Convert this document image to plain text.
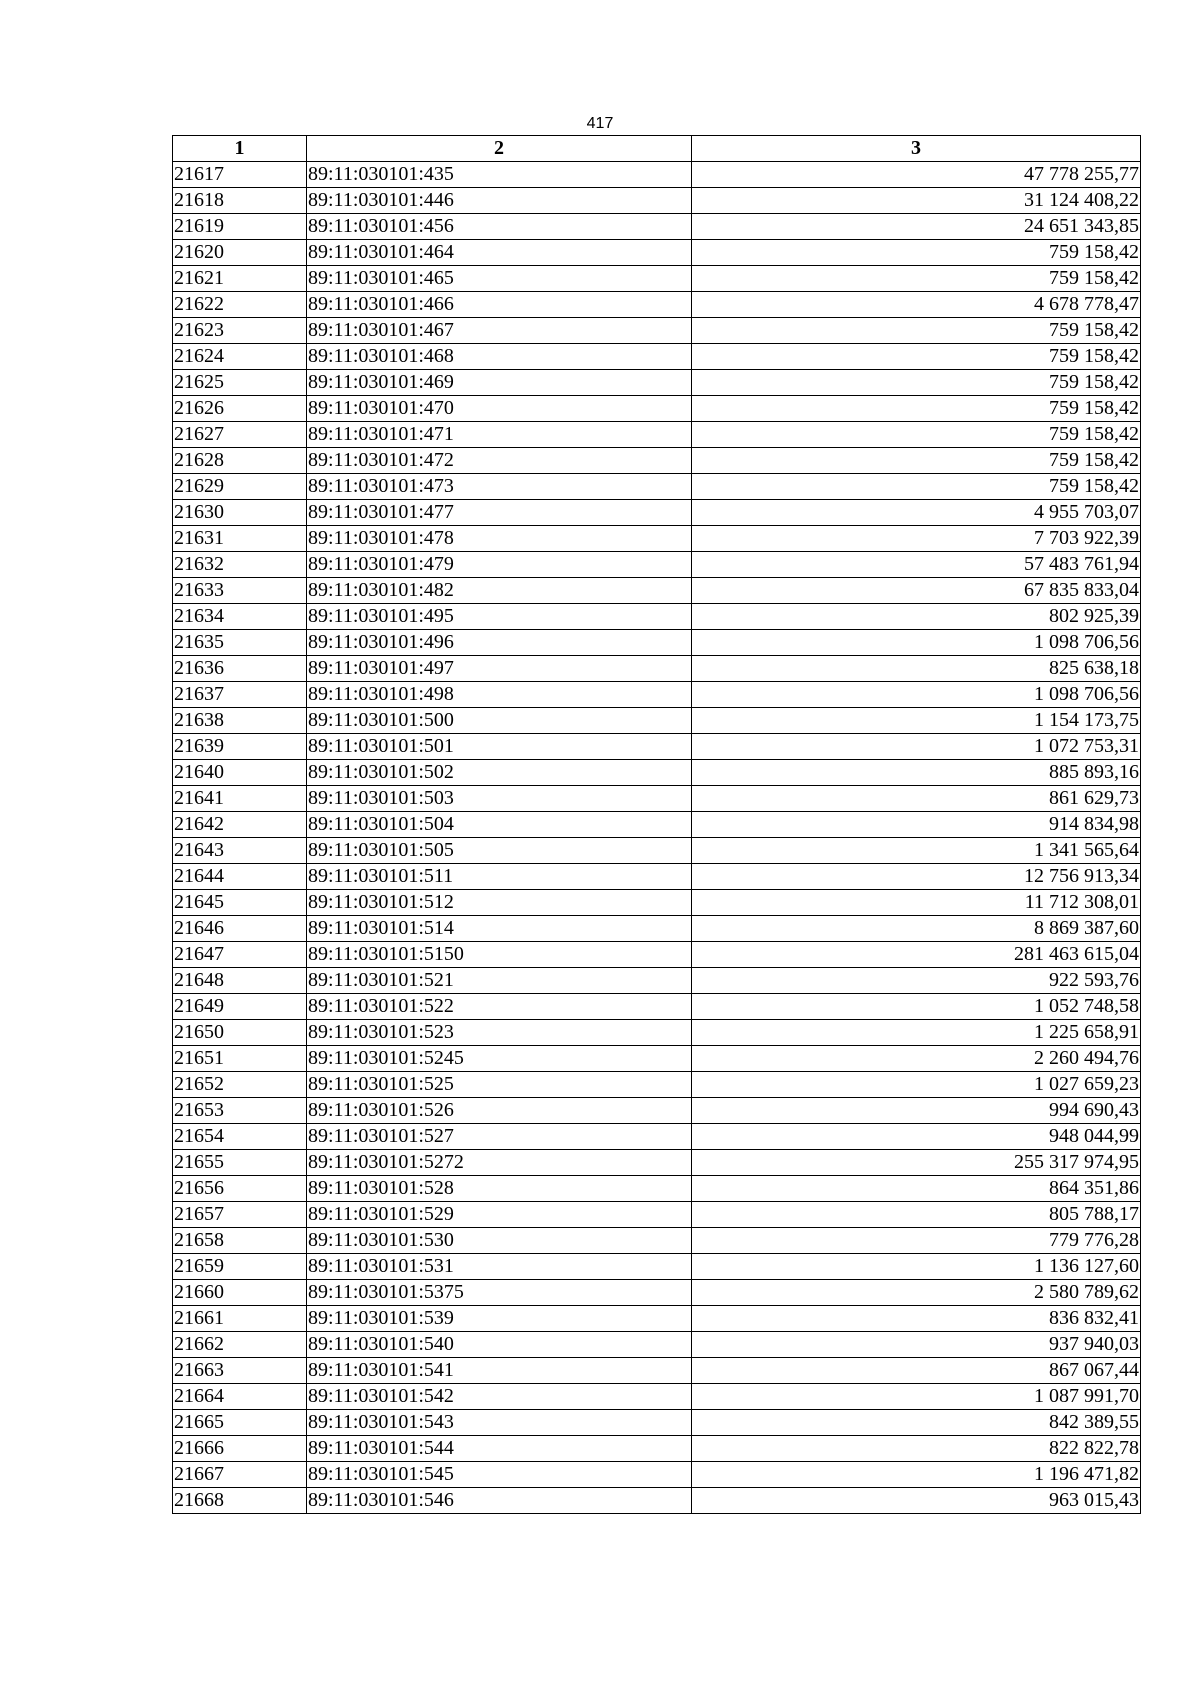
417
1	2	3
21617	89:11:030101:435	47 778 255,77
21618	89:11:030101:446	31 124 408,22
21619	89:11:030101:456	24 651 343,85
21620	89:11:030101:464	759 158,42
21621	89:11:030101:465	759 158,42
21622	89:11:030101:466	4 678 778,47
21623	89:11:030101:467	759 158,42
21624	89:11:030101:468	759 158,42
21625	89:11:030101:469	759 158,42
21626	89:11:030101:470	759 158,42
21627	89:11:030101:471	759 158,42
21628	89:11:030101:472	759 158,42
21629	89:11:030101:473	759 158,42
21630	89:11:030101:477	4 955 703,07
21631	89:11:030101:478	7 703 922,39
21632	89:11:030101:479	57 483 761,94
21633	89:11:030101:482	67 835 833,04
21634	89:11:030101:495	802 925,39
21635	89:11:030101:496	1 098 706,56
21636	89:11:030101:497	825 638,18
21637	89:11:030101:498	1 098 706,56
21638	89:11:030101:500	1 154 173,75
21639	89:11:030101:501	1 072 753,31
21640	89:11:030101:502	885 893,16
21641	89:11:030101:503	861 629,73
21642	89:11:030101:504	914 834,98
21643	89:11:030101:505	1 341 565,64
21644	89:11:030101:511	12 756 913,34
21645	89:11:030101:512	11 712 308,01
21646	89:11:030101:514	8 869 387,60
21647	89:11:030101:5150	281 463 615,04
21648	89:11:030101:521	922 593,76
21649	89:11:030101:522	1 052 748,58
21650	89:11:030101:523	1 225 658,91
21651	89:11:030101:5245	2 260 494,76
21652	89:11:030101:525	1 027 659,23
21653	89:11:030101:526	994 690,43
21654	89:11:030101:527	948 044,99
21655	89:11:030101:5272	255 317 974,95
21656	89:11:030101:528	864 351,86
21657	89:11:030101:529	805 788,17
21658	89:11:030101:530	779 776,28
21659	89:11:030101:531	1 136 127,60
21660	89:11:030101:5375	2 580 789,62
21661	89:11:030101:539	836 832,41
21662	89:11:030101:540	937 940,03
21663	89:11:030101:541	867 067,44
21664	89:11:030101:542	1 087 991,70
21665	89:11:030101:543	842 389,55
21666	89:11:030101:544	822 822,78
21667	89:11:030101:545	1 196 471,82
21668	89:11:030101:546	963 015,43
